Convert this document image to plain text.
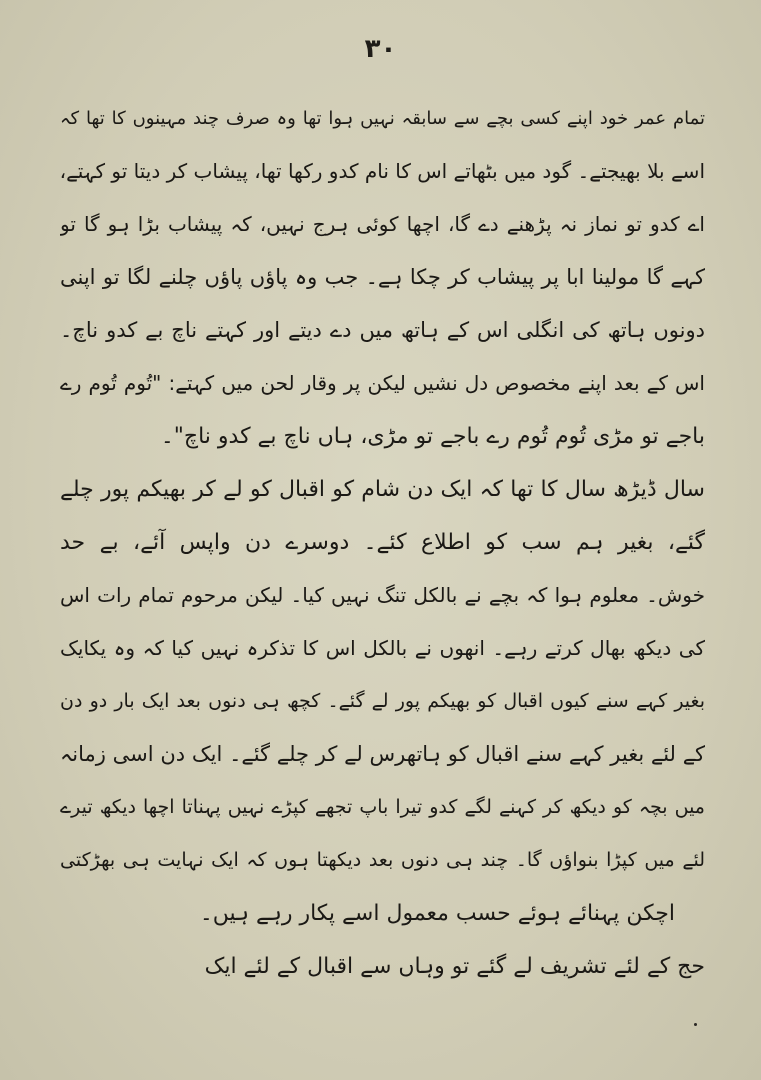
۳۰
تمام عمر خود اپنے کسی بچے سے سابقہ نہیں ہوا تھا وہ صرف چند مہینوں کا تھا کہ
اسے بلا بھیجتے۔ گود میں بٹھاتے اس کا نام کدو رکھا تھا، پیشاب کر دیتا تو کہتے،
اے کدو تو نماز نہ پڑھنے دے گا، اچھا کوئی ہرج نہیں، کہ پیشاب بڑا ہو گا تو
کہے گا مولینا ابا پر پیشاب کر چکا ہے۔ جب وہ پاؤں پاؤں چلنے لگا تو اپنی
دونوں ہاتھ کی انگلی اس کے ہاتھ میں دے دیتے اور کہتے ناچ بے کدو ناچ۔
اس کے بعد اپنے مخصوص دل نشیں لیکن پر وقار لحن میں کہتے: "تُوم تُوم رے
باجے تو مڑی تُوم تُوم رے باجے تو مڑی، ہاں ناچ بے کدو ناچ"۔
سال ڈیڑھ سال کا تھا کہ ایک دن شام کو اقبال کو لے کر بھیکم پور چلے
گئے، بغیر ہم سب کو اطلاع کئے۔ دوسرے دن واپس آئے، بے حد
خوش۔ معلوم ہوا کہ بچے نے بالکل تنگ نہیں کیا۔ لیکن مرحوم تمام رات اس
کی دیکھ بھال کرتے رہے۔ انھوں نے بالکل اس کا تذکرہ نہیں کیا کہ وہ یکایک
بغیر کہے سنے کیوں اقبال کو بھیکم پور لے گئے۔ کچھ ہی دنوں بعد ایک بار دو دن
کے لئے بغیر کہے سنے اقبال کو ہاتھرس لے کر چلے گئے۔ ایک دن اسی زمانہ
میں بچہ کو دیکھ کر کہنے لگے کدو تیرا باپ تجھے کپڑے نہیں پہناتا اچھا دیکھ تیرے
لئے میں کپڑا بنواؤں گا۔ چند ہی دنوں بعد دیکھتا ہوں کہ ایک نہایت ہی بھڑکتی
اچکن پہنائے ہوئے حسب معمول اسے پکار رہے ہیں۔
حج کے لئے تشریف لے گئے تو وہاں سے اقبال کے لئے ایک
